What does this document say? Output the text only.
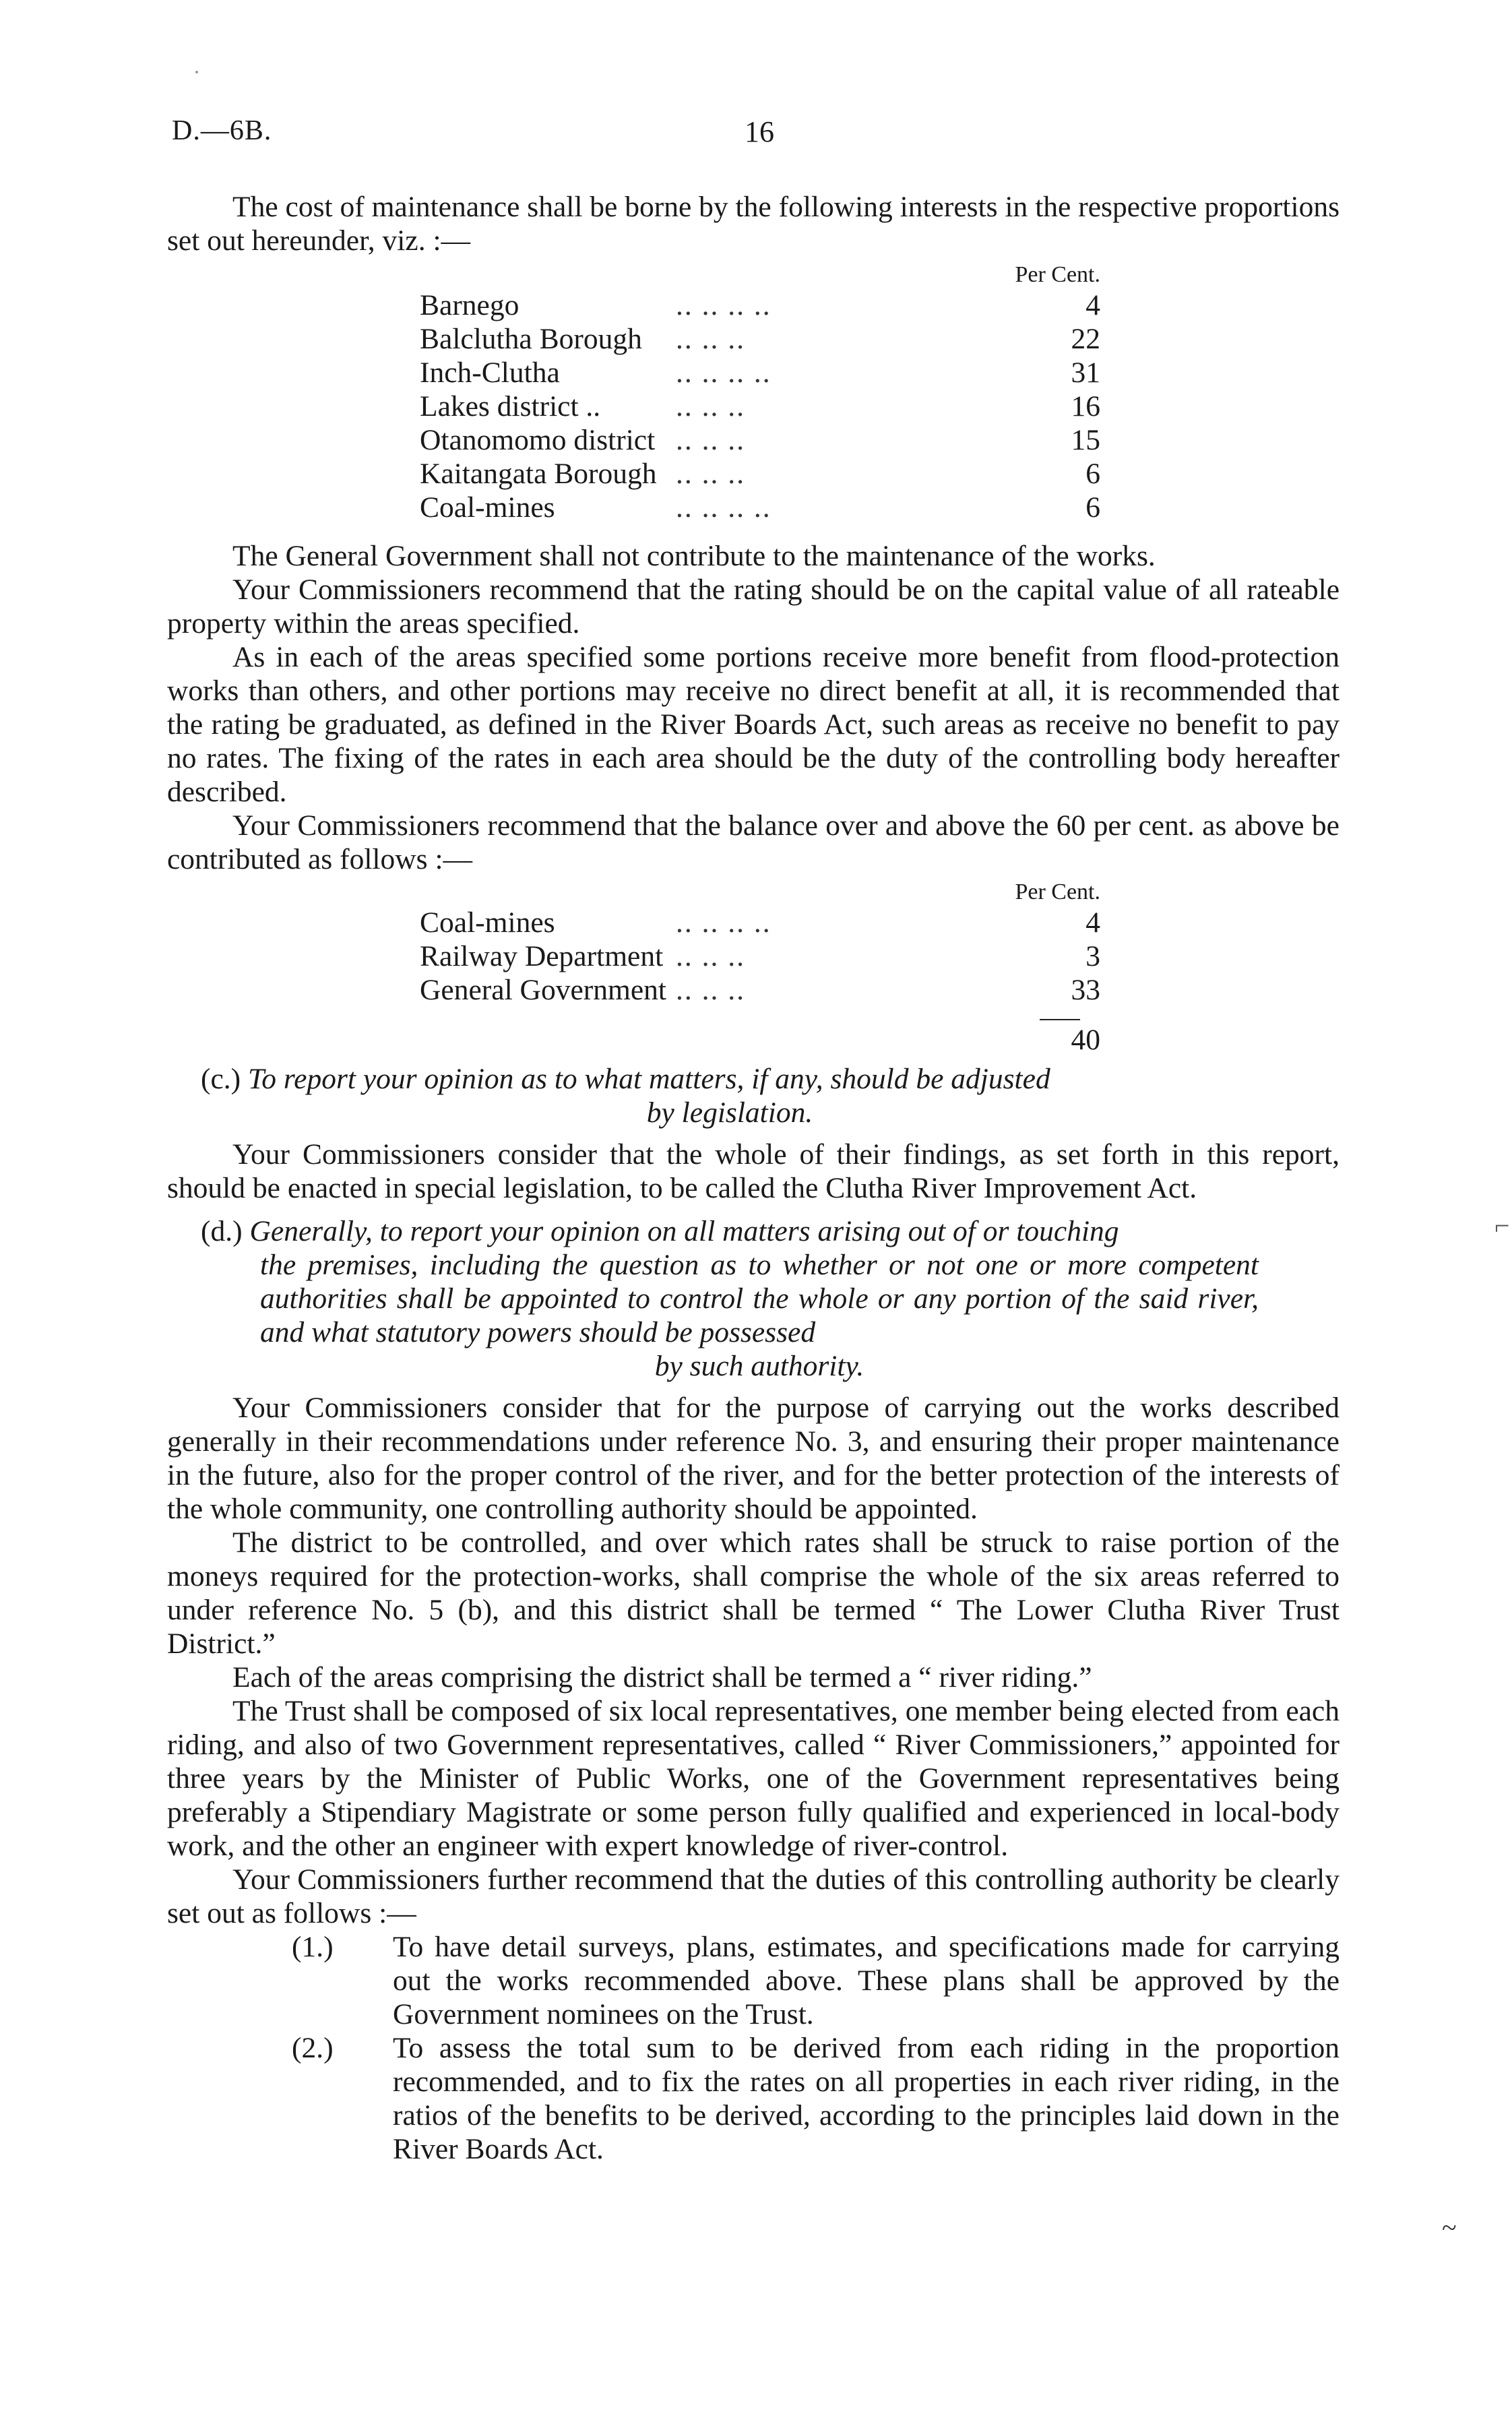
D.—6B.	16

The cost of maintenance shall be borne by the following interests in the respective proportions set out hereunder, viz. :—

Per Cent.
Barnego	.. .. .. ..	4
Balclutha Borough	.. .. ..	22
Inch-Clutha	.. .. .. ..	31
Lakes district ..	.. .. ..	16
Otanomomo district .. .. ..	15
Kaitangata Borough .. .. ..	6
Coal-mines	.. .. .. ..	6

The General Government shall not contribute to the maintenance of the works.

Your Commissioners recommend that the rating should be on the capital value of all rateable property within the areas specified.

As in each of the areas specified some portions receive more benefit from flood-protection works than others, and other portions may receive no direct benefit at all, it is recommended that the rating be graduated, as defined in the River Boards Act, such areas as receive no benefit to pay no rates. The fixing of the rates in each area should be the duty of the controlling body hereafter described.

Your Commissioners recommend that the balance over and above the 60 per cent. as above be contributed as follows :—

Per Cent.
Coal-mines	.. .. .. ..	4
Railway Department .. .. ..	3
General Government .. .. ..	33
40
(c.) To report your opinion as to what matters, if any, should be adjusted
by legislation.

Your Commissioners consider that the whole of their findings, as set forth in this report, should be enacted in special legislation, to be called the Clutha River Improvement Act.

(d.) Generally, to report your opinion on all matters arising out of or touching
the premises, including the question as to whether or not one or more competent authorities shall be appointed to control the whole or any portion of the said river, and what statutory powers should be possessed
by such authority.

Your Commissioners consider that for the purpose of carrying out the works described generally in their recommendations under reference No. 3, and ensuring their proper maintenance in the future, also for the proper control of the river, and for the better protection of the interests of the whole community, one controlling authority should be appointed.

The district to be controlled, and over which rates shall be struck to raise portion of the moneys required for the protection-works, shall comprise the whole of the six areas referred to under reference No. 5 (b), and this district shall be termed “ The Lower Clutha River Trust District.”

Each of the areas comprising the district shall be termed a “ river riding.”

The Trust shall be composed of six local representatives, one member being elected from each riding, and also of two Government representatives, called “ River Commissioners,” appointed for three years by the Minister of Public Works, one of the Government representatives being preferably a Stipendiary Magistrate or some person fully qualified and experienced in local-body work, and the other an engineer with expert knowledge of river-control.

Your Commissioners further recommend that the duties of this controlling authority be clearly set out as follows :—

(1.)	To have detail surveys, plans, estimates, and specifications made for carrying out the works recommended above. These plans shall be approved by the Government nominees on the Trust.
(2.)	To assess the total sum to be derived from each riding in the proportion recommended, and to fix the rates on all properties in each river riding, in the ratios of the benefits to be derived, according to the principles laid down in the River Boards Act.
⌐
~
